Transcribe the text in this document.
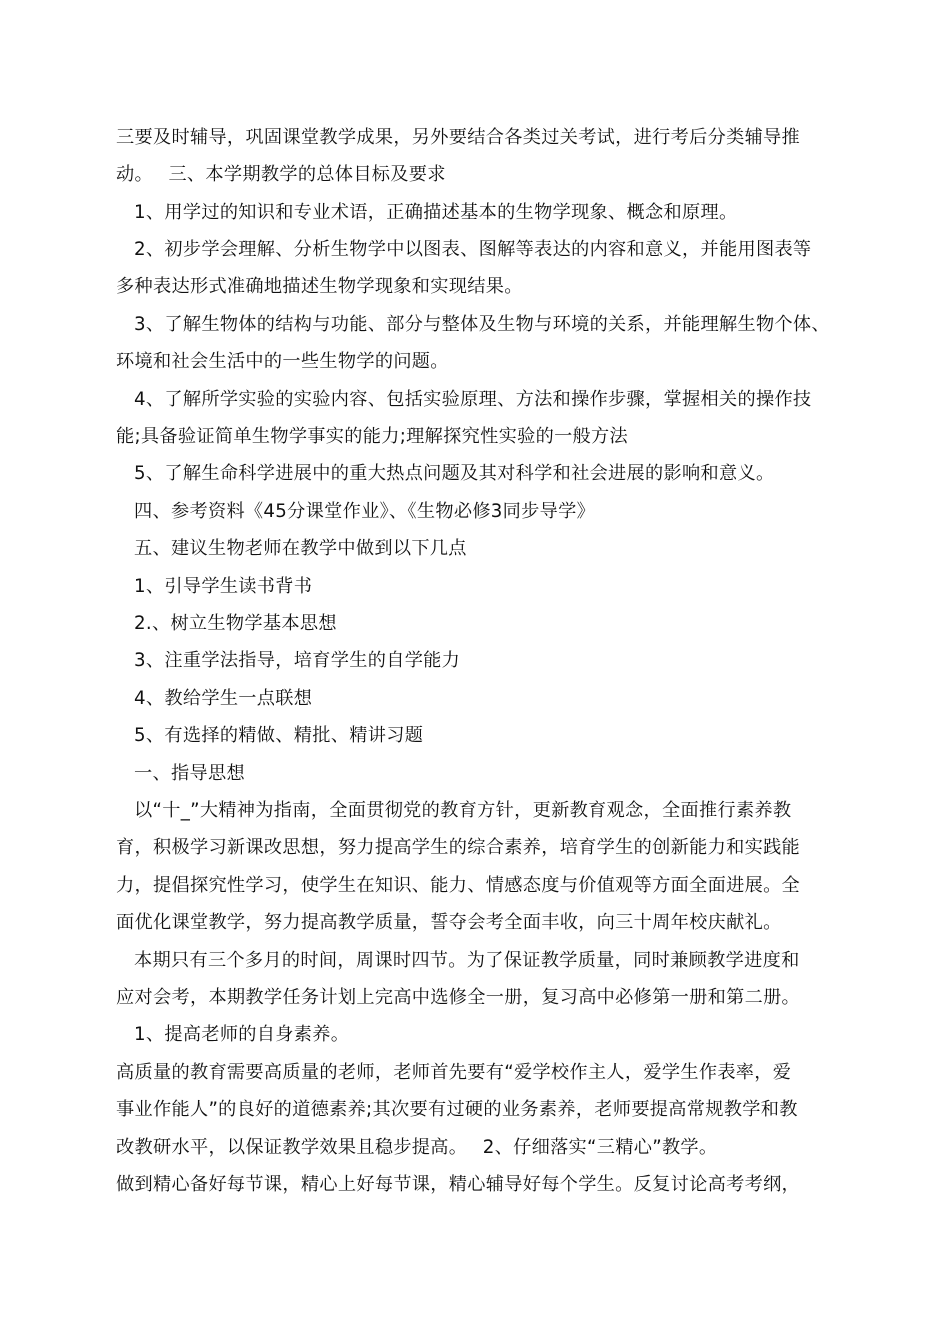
三要及时辅导，巩固课堂教学成果，另外要结合各类过关考试，进行考后分类辅导推
动。　 三、本学期教学的总体目标及要求
1、用学过的知识和专业术语，正确描述基本的生物学现象、概念和原理。
2、初步学会理解、分析生物学中以图表、图解等表达的内容和意义，并能用图表等
多种表达形式准确地描述生物学现象和实现结果。
3、了解生物体的结构与功能、部分与整体及生物与环境的关系，并能理解生物个体、
环境和社会生活中的一些生物学的问题。
4、了解所学实验的实验内容、包括实验原理、方法和操作步骤，掌握相关的操作技
能;具备验证简单生物学事实的能力;理解探究性实验的一般方法
5、了解生命科学进展中的重大热点问题及其对科学和社会进展的影响和意义。
四、参考资料《45分课堂作业》、《生物必修3同步导学》
五、建议生物老师在教学中做到以下几点
1、引导学生读书背书
2.、树立生物学基本思想
3、注重学法指导，培育学生的自学能力
4、教给学生一点联想
5、有选择的精做、精批、精讲习题
一、指导思想
以“十_”大精神为指南，全面贯彻党的教育方针，更新教育观念，全面推行素养教
育，积极学习新课改思想，努力提高学生的综合素养，培育学生的创新能力和实践能
力，提倡探究性学习，使学生在知识、能力、情感态度与价值观等方面全面进展。全
面优化课堂教学，努力提高教学质量，誓夺会考全面丰收，向三十周年校庆献礼。
本期只有三个多月的时间，周课时四节。为了保证教学质量，同时兼顾教学进度和
应对会考，本期教学任务计划上完高中选修全一册，复习高中必修第一册和第二册。
1、提高老师的自身素养。
高质量的教育需要高质量的老师，老师首先要有“爱学校作主人，爱学生作表率，爱
事业作能人”的良好的道德素养;其次要有过硬的业务素养，老师要提高常规教学和教
改教研水平，以保证教学效果且稳步提高。　 2、仔细落实“三精心”教学。
做到精心备好每节课，精心上好每节课，精心辅导好每个学生。反复讨论高考考纲，
